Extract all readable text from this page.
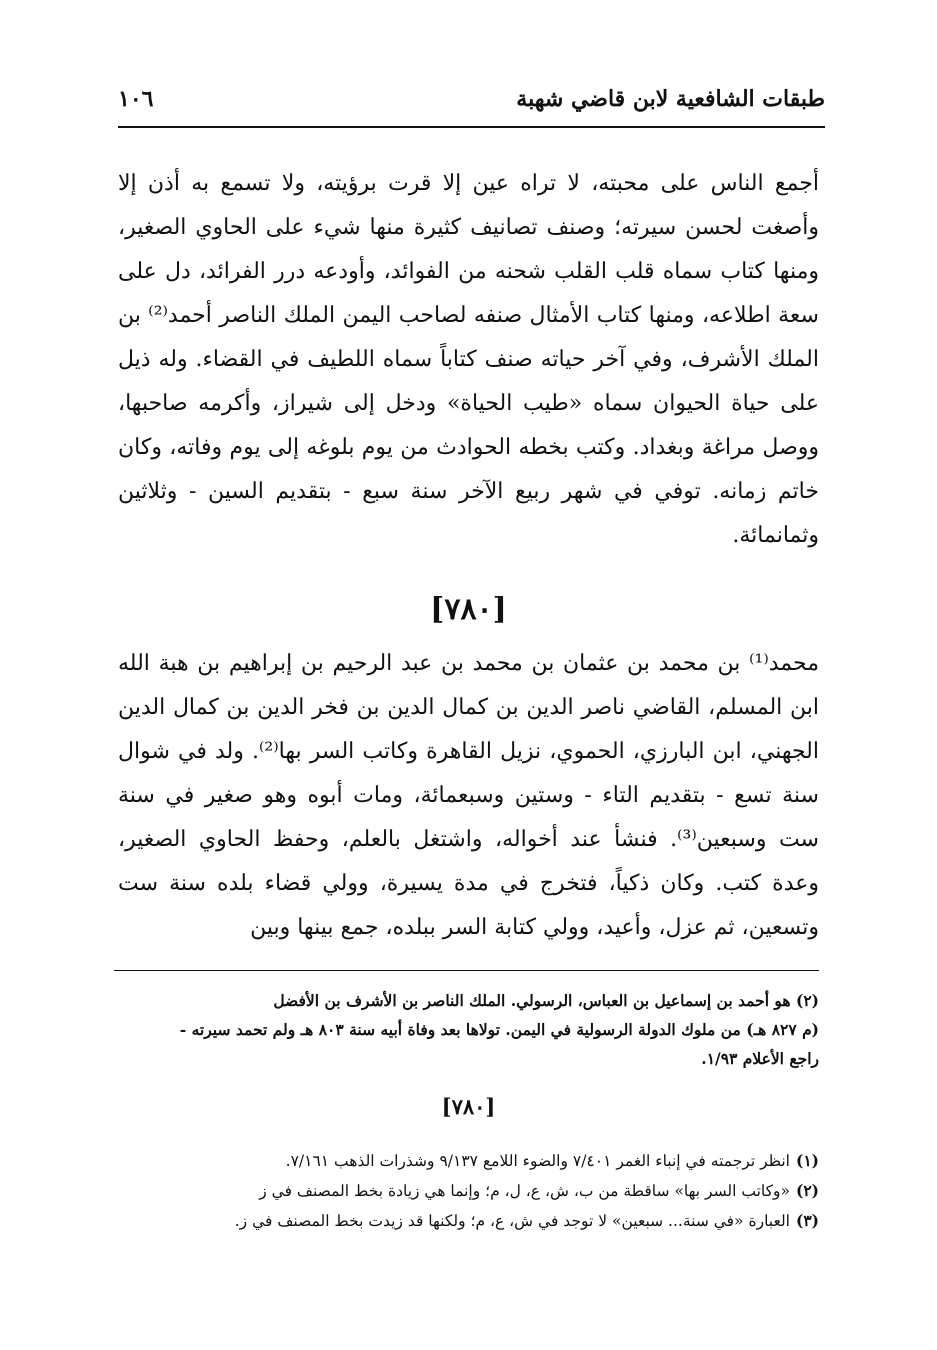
طبقات الشافعية لابن قاضي شهبة
١٠٦

أجمع الناس على محبته، لا تراه عين إلا قرت برؤيته، ولا تسمع به أذن إلا وأصغت لحسن سيرته؛ وصنف تصانيف كثيرة منها شيء على الحاوي الصغير، ومنها كتاب سماه قلب القلب شحنه من الفوائد، وأودعه درر الفرائد، دل على سعة اطلاعه، ومنها كتاب الأمثال صنفه لصاحب اليمن الملك الناصر أحمد⁽²⁾ بن الملك الأشرف، وفي آخر حياته صنف كتاباً سماه اللطيف في القضاء. وله ذيل على حياة الحيوان سماه «طيب الحياة» ودخل إلى شيراز، وأكرمه صاحبها، ووصل مراغة وبغداد. وكتب بخطه الحوادث من يوم بلوغه إلى يوم وفاته، وكان خاتم زمانه. توفي في شهر ربيع الآخر سنة سبع - بتقديم السين - وثلاثين وثمانمائة.

[٧٨٠]

محمد⁽¹⁾ بن محمد بن عثمان بن محمد بن عبد الرحيم بن إبراهيم بن هبة الله ابن المسلم، القاضي ناصر الدين بن كمال الدين بن فخر الدين بن كمال الدين الجهني، ابن البارزي، الحموي، نزيل القاهرة وكاتب السر بها⁽²⁾. ولد في شوال سنة تسع - بتقديم التاء - وستين وسبعمائة، ومات أبوه وهو صغير في سنة ست وسبعين⁽³⁾. فنشأ عند أخواله، واشتغل بالعلم، وحفظ الحاوي الصغير، وعدة كتب. وكان ذكياً، فتخرج في مدة يسيرة، وولي قضاء بلده سنة ست وتسعين، ثم عزل، وأعيد، وولي كتابة السر ببلده، جمع بينها وبين

(٢) هو أحمد بن إسماعيل بن العباس، الرسولي. الملك الناصر بن الأشرف بن الأفضل

(م ٨٢٧ هـ) من ملوك الدولة الرسولية في اليمن. تولاها بعد وفاة أبيه سنة ٨٠٣ هـ ولم تحمد سيرته -

راجع الأعلام ١/٩٣.

[٧٨٠]

(١)انظر ترجمته في إنباء الغمر ٧/٤٠١ والضوء اللامع ٩/١٣٧ وشذرات الذهب ٧/١٦١.

(٢)«وكاتب السر بها» ساقطة من ب، ش، ع، ل، م؛ وإنما هي زيادة بخط المصنف في ز

(٣)العبارة «في سنة... سبعين» لا توجد في ش، ع، م؛ ولكنها قد زيدت بخط المصنف في ز.
